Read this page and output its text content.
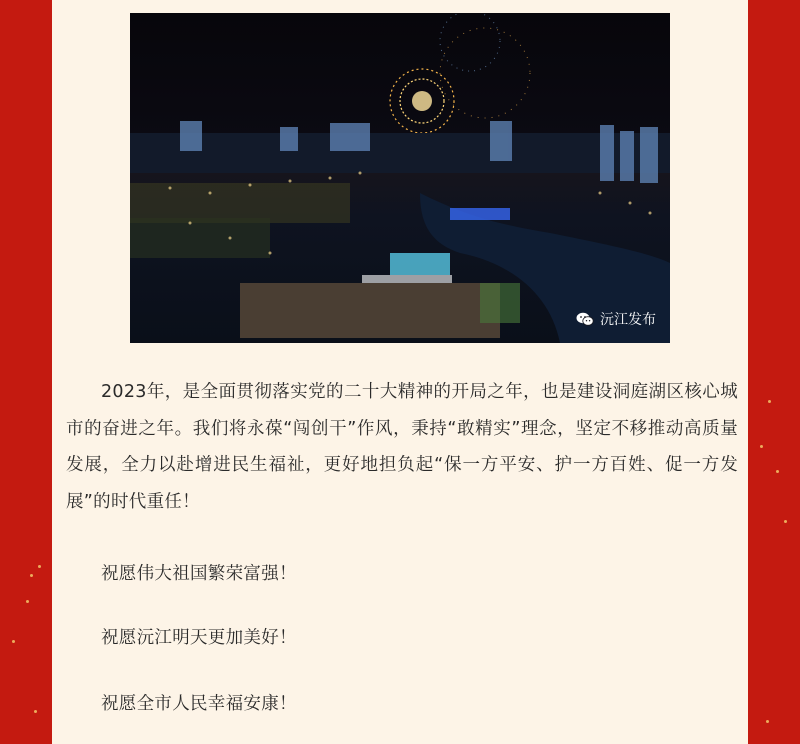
沅江发布

2023年，是全面贯彻落实党的二十大精神的开局之年，也是建设洞庭湖区核心城市的奋进之年。我们将永葆“闯创干”作风，秉持“敢精实”理念，坚定不移推动高质量发展，全力以赴增进民生福祉，更好地担负起“保一方平安、护一方百姓、促一方发展”的时代重任！

祝愿伟大祖国繁荣富强！

祝愿沅江明天更加美好！

祝愿全市人民幸福安康！
